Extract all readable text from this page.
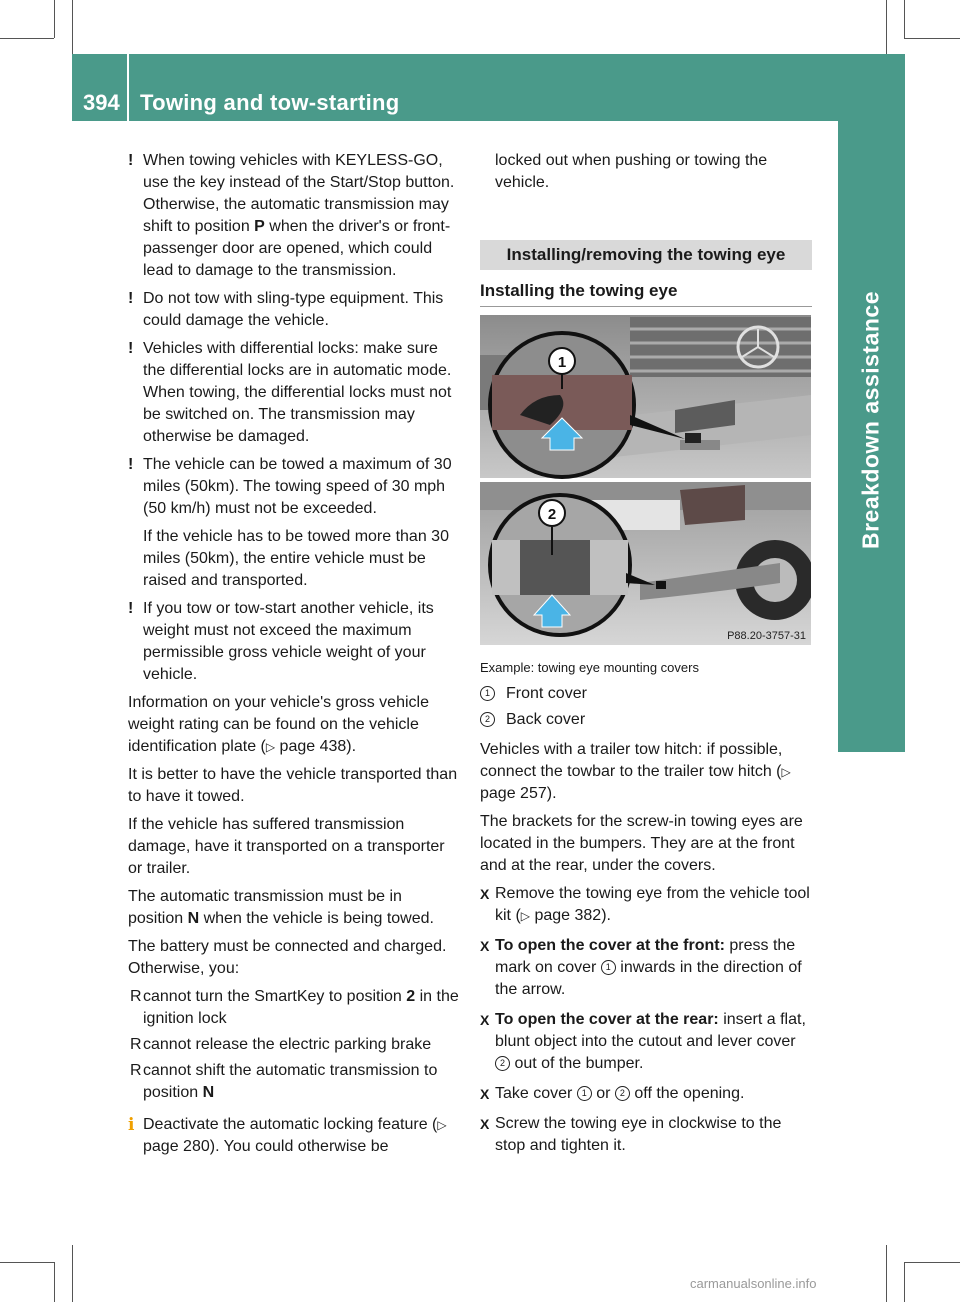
394 Towing and tow-starting
Breakdown assistance
! When towing vehicles with KEYLESS-GO, use the key instead of the Start/Stop button. Otherwise, the automatic transmission may shift to position P when the driver's or front-passenger door are opened, which could lead to damage to the transmission.
! Do not tow with sling-type equipment. This could damage the vehicle.
! Vehicles with differential locks: make sure the differential locks are in automatic mode. When towing, the differential locks must not be switched on. The transmission may otherwise be damaged.
! The vehicle can be towed a maximum of 30 miles (50km). The towing speed of 30 mph (50 km/h) must not be exceeded.
If the vehicle has to be towed more than 30 miles (50km), the entire vehicle must be raised and transported.
! If you tow or tow-start another vehicle, its weight must not exceed the maximum permissible gross vehicle weight of your vehicle.
Information on your vehicle's gross vehicle weight rating can be found on the vehicle identification plate (▷ page 438).
It is better to have the vehicle transported than to have it towed.
If the vehicle has suffered transmission damage, have it transported on a transporter or trailer.
The automatic transmission must be in position N when the vehicle is being towed.
The battery must be connected and charged. Otherwise, you:
R cannot turn the SmartKey to position 2 in the ignition lock
R cannot release the electric parking brake
R cannot shift the automatic transmission to position N
i Deactivate the automatic locking feature (▷ page 280). You could otherwise be
locked out when pushing or towing the vehicle.
Installing/removing the towing eye
Installing the towing eye
1
2
P88.20-3757-31
Example: towing eye mounting covers
1	Front cover
2	Back cover
Vehicles with a trailer tow hitch: if possible, connect the towbar to the trailer tow hitch (▷ page 257).
The brackets for the screw-in towing eyes are located in the bumpers. They are at the front and at the rear, under the covers.
X Remove the towing eye from the vehicle tool kit (▷ page 382).
X To open the cover at the front: press the mark on cover 1 inwards in the direction of the arrow.
X To open the cover at the rear: insert a flat, blunt object into the cutout and lever cover 2 out of the bumper.
X Take cover 1 or 2 off the opening.
X Screw the towing eye in clockwise to the stop and tighten it.
carmanualsonline.info
